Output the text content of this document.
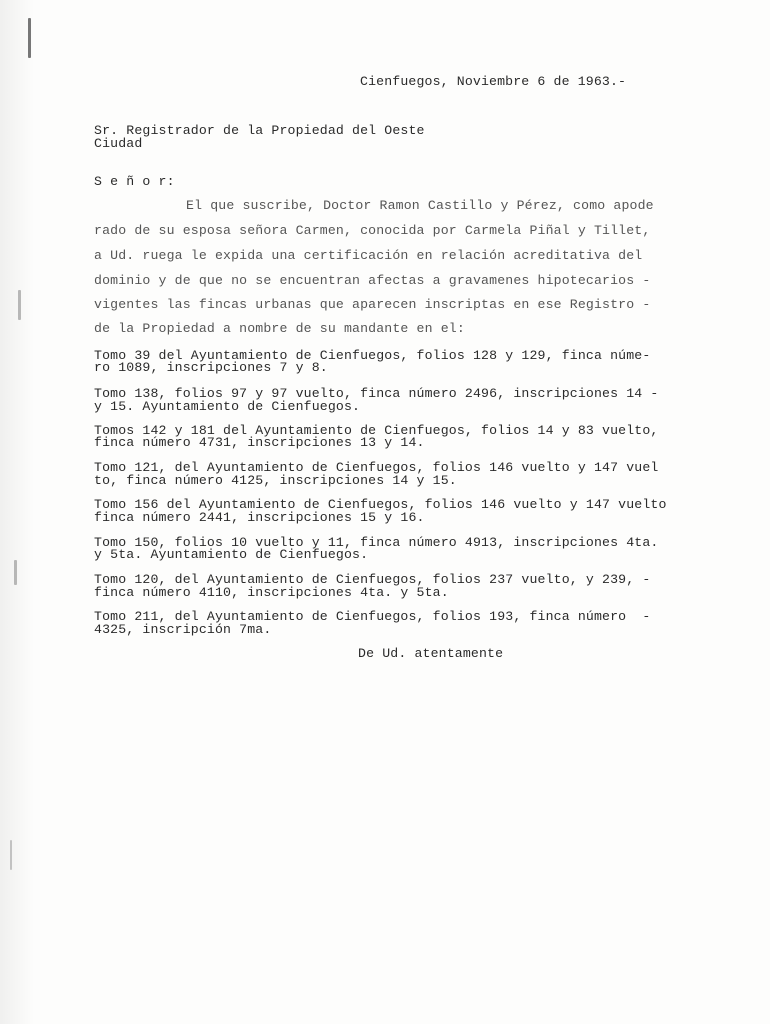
Cienfuegos, Noviembre 6 de 1963.-
Sr. Registrador de la Propiedad del Oeste
Ciudad
S e ñ o r:
El que suscribe, Doctor Ramon Castillo y Pérez, como apode
rado de su esposa señora Carmen, conocida por Carmela Piñal y Tillet,
a Ud. ruega le expida una certificación en relación acreditativa del
dominio y de que no se encuentran afectas a gravamenes hipotecarios -
vigentes las fincas urbanas que aparecen inscriptas en ese Registro -
de la Propiedad a nombre de su mandante en el:
Tomo 39 del Ayuntamiento de Cienfuegos, folios 128 y 129, finca núme-
ro 1089, inscripciones 7 y 8.
Tomo 138, folios 97 y 97 vuelto, finca número 2496, inscripciones 14 -
y 15. Ayuntamiento de Cienfuegos.
Tomos 142 y 181 del Ayuntamiento de Cienfuegos, folios 14 y 83 vuelto,
finca número 4731, inscripciones 13 y 14.
Tomo 121, del Ayuntamiento de Cienfuegos, folios 146 vuelto y 147 vuel
to, finca número 4125, inscripciones 14 y 15.
Tomo 156 del Ayuntamiento de Cienfuegos, folios 146 vuelto y 147 vuelto
finca número 2441, inscripciones 15 y 16.
Tomo 150, folios 10 vuelto y 11, finca número 4913, inscripciones 4ta.
y 5ta. Ayuntamiento de Cienfuegos.
Tomo 120, del Ayuntamiento de Cienfuegos, folios 237 vuelto, y 239, -
finca número 4110, inscripciones 4ta. y 5ta.
Tomo 211, del Ayuntamiento de Cienfuegos, folios 193, finca número  -
4325, inscripción 7ma.
De Ud. atentamente
